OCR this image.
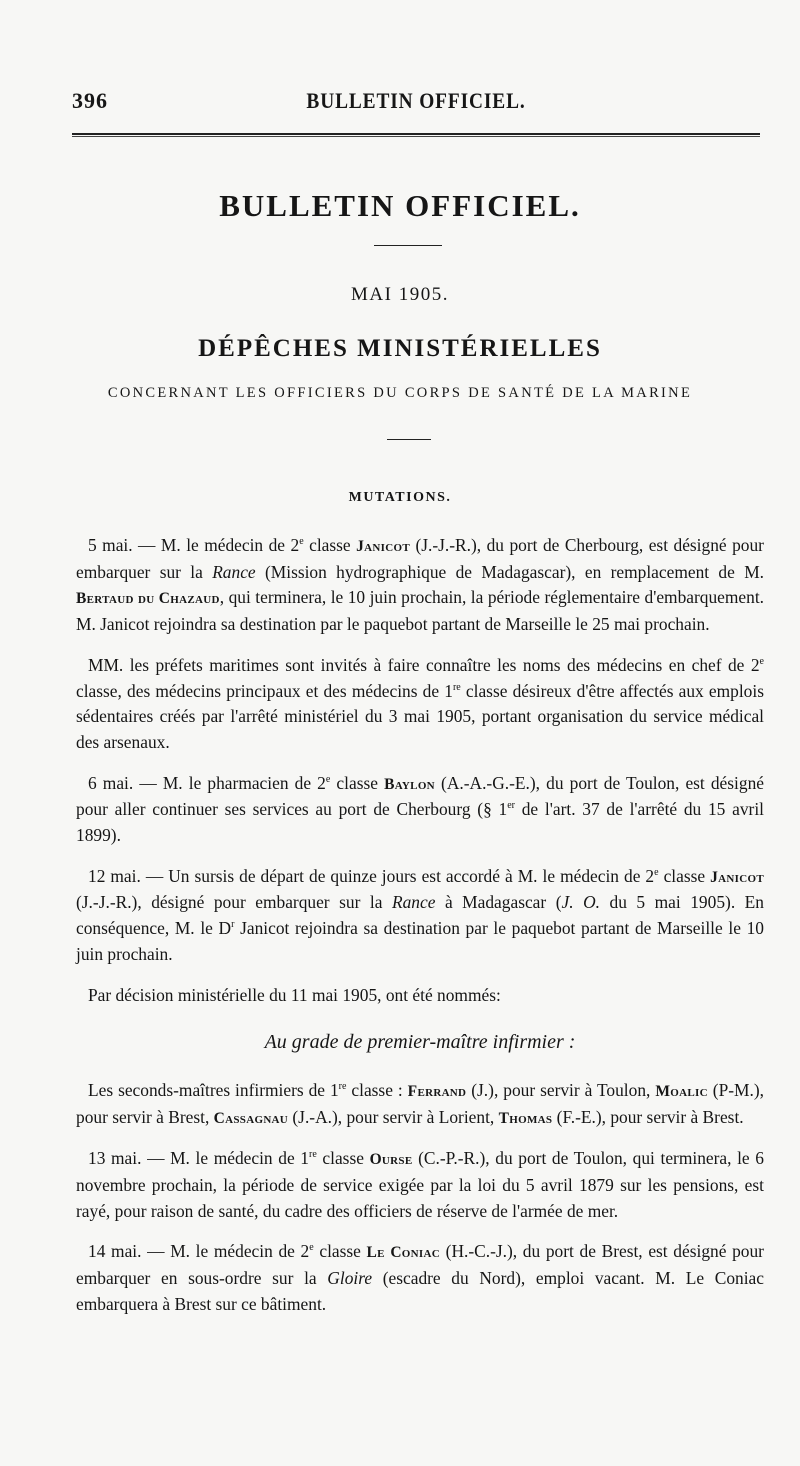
396	BULLETIN OFFICIEL.
BULLETIN OFFICIEL.
MAI 1905.
DÉPÊCHES MINISTÉRIELLES
CONCERNANT LES OFFICIERS DU CORPS DE SANTÉ DE LA MARINE
MUTATIONS.

5 mai. — M. le médecin de 2e classe Janicot (J.-J.-R.), du port de Cherbourg, est désigné pour embarquer sur la Rance (Mission hydrographique de Madagascar), en remplacement de M. Bertaud du Chazaud, qui terminera, le 10 juin prochain, la période réglementaire d'embarquement. M. Janicot rejoindra sa destination par le paquebot partant de Marseille le 25 mai prochain.

MM. les préfets maritimes sont invités à faire connaître les noms des médecins en chef de 2e classe, des médecins principaux et des médecins de 1re classe désireux d'être affectés aux emplois sédentaires créés par l'arrêté ministériel du 3 mai 1905, portant organisation du service médical des arsenaux.

6 mai. — M. le pharmacien de 2e classe Baylon (A.-A.-G.-E.), du port de Toulon, est désigné pour aller continuer ses services au port de Cherbourg (§ 1er de l'art. 37 de l'arrêté du 15 avril 1899).

12 mai. — Un sursis de départ de quinze jours est accordé à M. le médecin de 2e classe Janicot (J.-J.-R.), désigné pour embarquer sur la Rance à Madagascar (J. O. du 5 mai 1905). En conséquence, M. le $D^r$ Janicot rejoindra sa destination par le paquebot partant de Marseille le 10 juin prochain.

Par décision ministérielle du 11 mai 1905, ont été nommés:

Au grade de premier-maître infirmier :

Les seconds-maîtres infirmiers de 1re classe : Ferrand (J.), pour servir à Toulon, Moalic (P-M.), pour servir à Brest, Cassagnau (J.-A.), pour servir à Lorient, Thomas (F.-E.), pour servir à Brest.

13 mai. — M. le médecin de 1re classe Ourse (C.-P.-R.), du port de Toulon, qui terminera, le 6 novembre prochain, la période de service exigée par la loi du 5 avril 1879 sur les pensions, est rayé, pour raison de santé, du cadre des officiers de réserve de l'armée de mer.

14 mai. — M. le médecin de 2e classe Le Coniac (H.-C.-J.), du port de Brest, est désigné pour embarquer en sous-ordre sur la Gloire (escadre du Nord), emploi vacant. M. Le Coniac embarquera à Brest sur ce bâtiment.
